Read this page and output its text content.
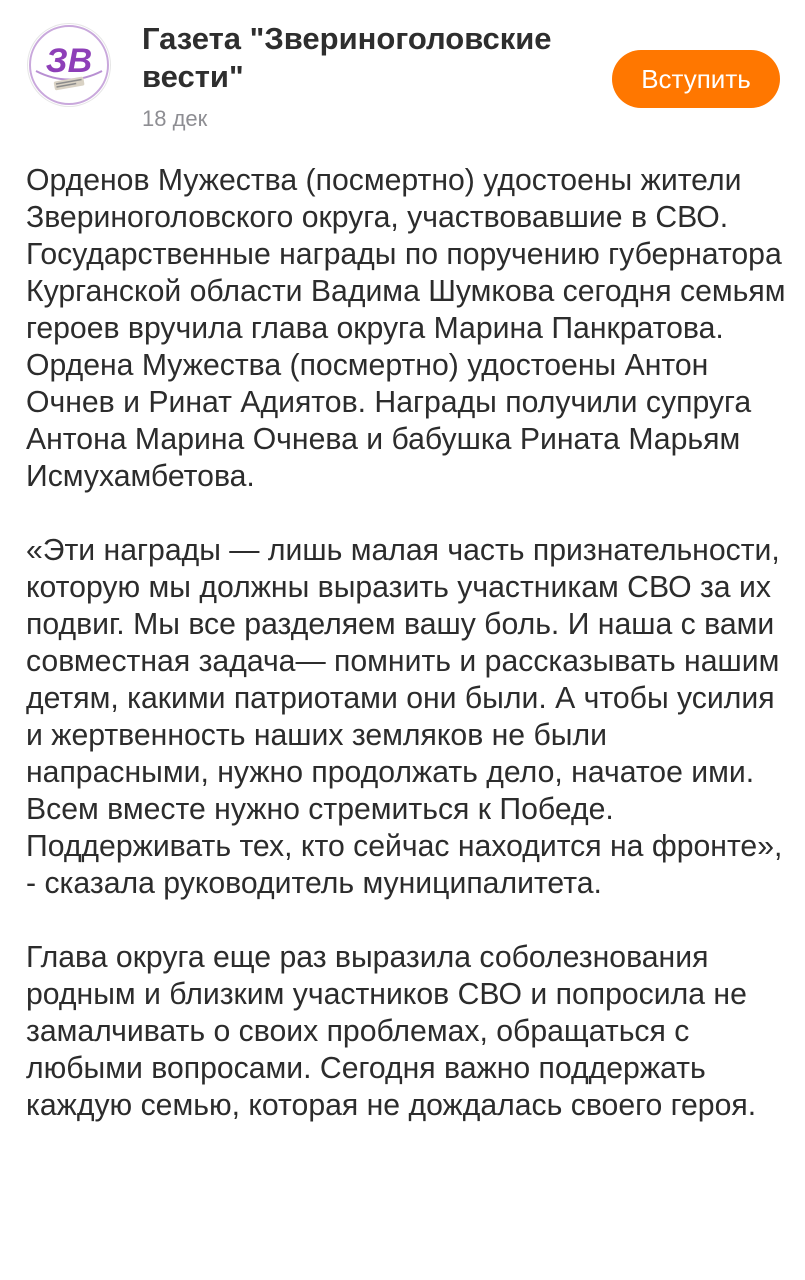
ЗВ
Газета "Звериноголовские вести"
18 дек
Вступить

Орденов Мужества (посмертно) удостоены жители Звериноголовского округа, участвовавшие в СВО. Государственные награды по поручению губернатора Курганской области Вадима Шумкова сегодня семьям героев вручила глава округа Марина Панкратова.
Ордена Мужества (посмертно) удостоены Антон Очнев и Ринат Адиятов. Награды получили супруга Антона Марина Очнева и бабушка Рината Марьям Исмухамбетова.

«Эти награды — лишь малая часть признательности, которую мы должны выразить участникам СВО за их подвиг. Мы все разделяем вашу боль. И наша с вами совместная задача— помнить и рассказывать нашим детям, какими патриотами они были. А чтобы усилия и жертвенность наших земляков не были напрасными, нужно продолжать дело, начатое ими. Всем вместе нужно стремиться к Победе. Поддерживать тех, кто сейчас находится на фронте», - сказала руководитель муниципалитета.

Глава округа еще раз выразила соболезнования родным и близким участников СВО и попросила не замалчивать о своих проблемах, обращаться с любыми вопросами. Сегодня важно поддержать каждую семью, которая не дождалась своего героя.
